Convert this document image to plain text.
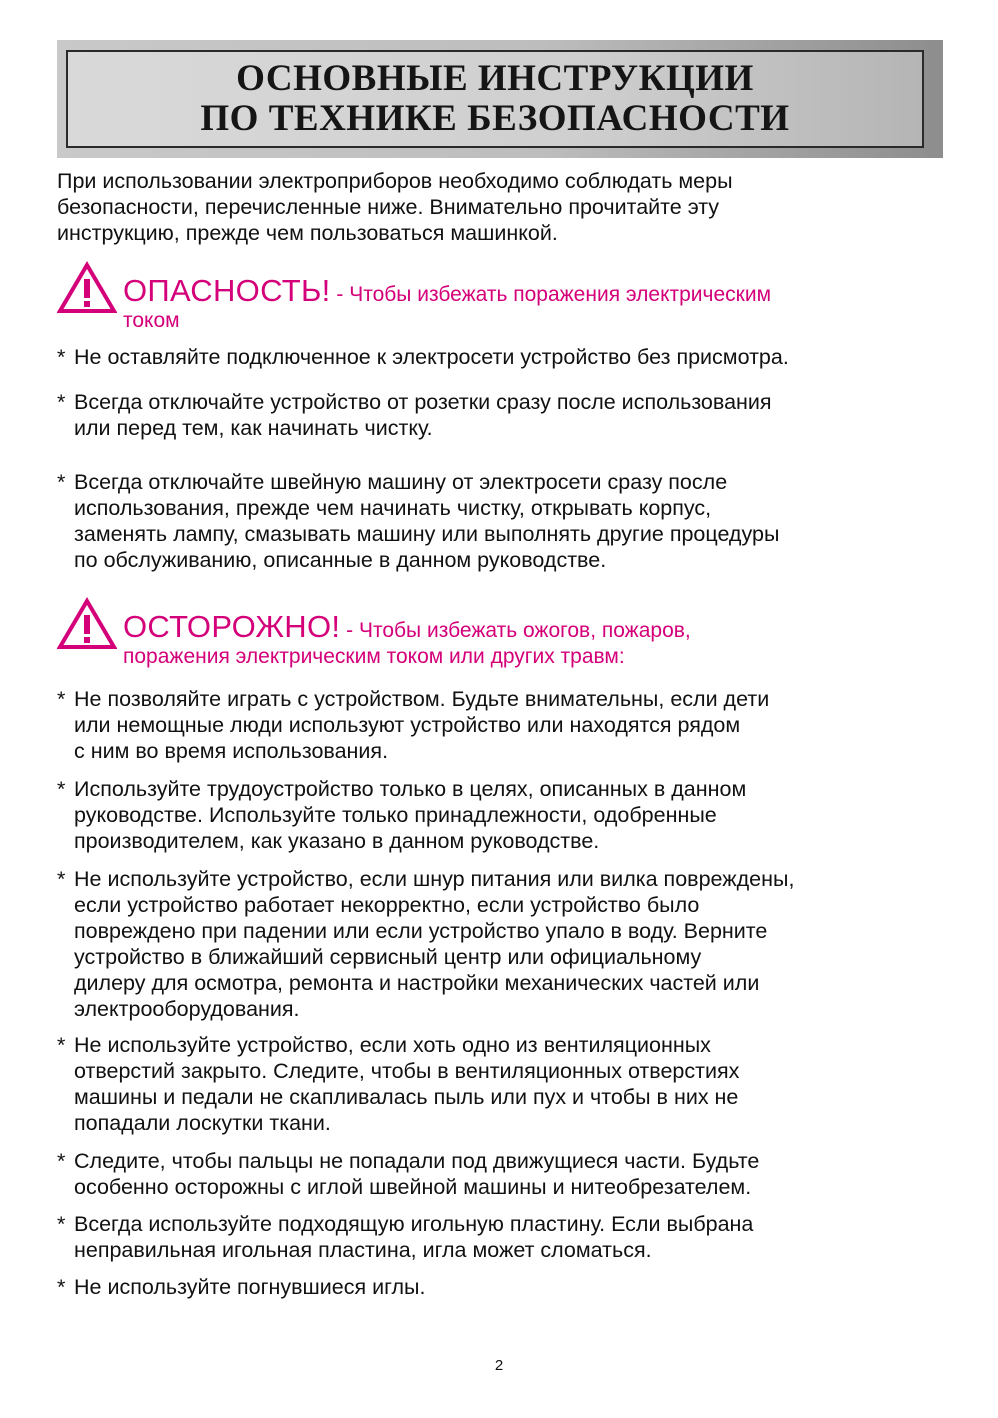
ОСНОВНЫЕ ИНСТРУКЦИИ
ПО ТЕХНИКЕ БЕЗОПАСНОСТИ
При использовании электроприборов необходимо соблюдать меры
безопасности, перечисленные ниже. Внимательно прочитайте эту
инструкцию, прежде чем пользоваться машинкой.
ОПАСНОСТЬ! - Чтобы избежать поражения электрическим
током
* Не оставляйте подключенное к электросети устройство без присмотра.
* Всегда отключайте устройство от розетки сразу после использования
или перед тем, как начинать чистку.
* Всегда отключайте швейную машину от электросети сразу после
использования, прежде чем начинать чистку, открывать корпус,
заменять лампу, смазывать машину или выполнять другие процедуры
по обслуживанию, описанные в данном руководстве.
ОСТОРОЖНО! - Чтобы избежать ожогов, пожаров,
поражения электрическим током или других травм:
* Не позволяйте играть с устройством. Будьте внимательны, если дети
или немощные люди используют устройство или находятся рядом
с ним во время использования.
* Используйте трудоустройство только в целях, описанных в данном
руководстве. Используйте только принадлежности, одобренные
производителем, как указано в данном руководстве.
* Не используйте устройство, если шнур питания или вилка повреждены,
если устройство работает некорректно, если устройство было
повреждено при падении или если устройство упало в воду. Верните
устройство в ближайший сервисный центр или официальному
дилеру для осмотра, ремонта и настройки механических частей или
электрооборудования.
* Не используйте устройство, если хоть одно из вентиляционных
отверстий закрыто. Следите, чтобы в вентиляционных отверстиях
машины и педали не скапливалась пыль или пух и чтобы в них не
попадали лоскутки ткани.
* Следите, чтобы пальцы не попадали под движущиеся части. Будьте
особенно осторожны с иглой швейной машины и нитеобрезателем.
* Всегда используйте подходящую игольную пластину. Если выбрана
неправильная игольная пластина, игла может сломаться.
* Не используйте погнувшиеся иглы.
2
